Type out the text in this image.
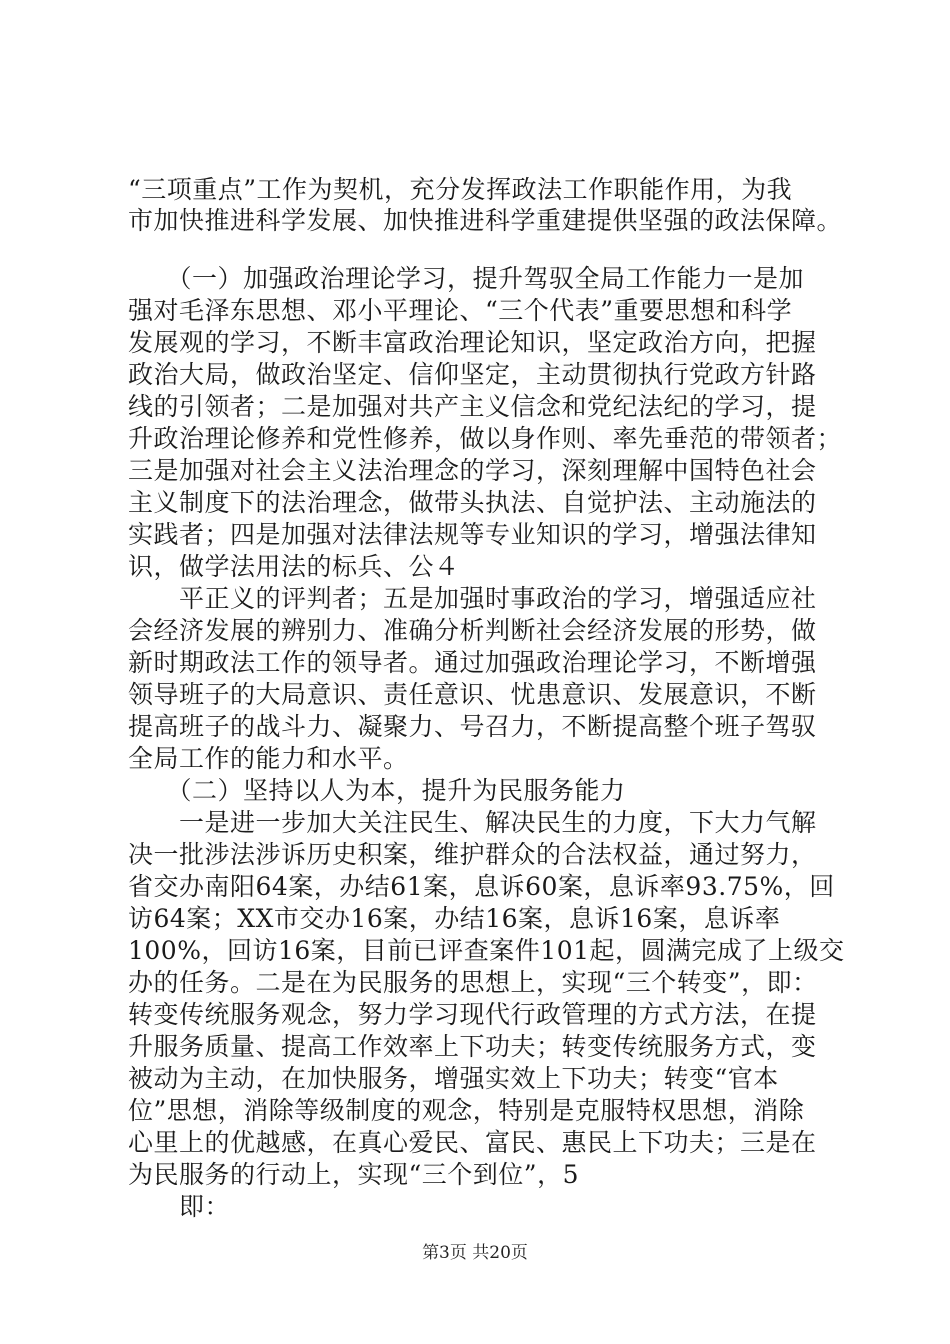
“三项重点”工作为契机，充分发挥政法工作职能作用，为我
市加快推进科学发展、加快推进科学重建提供坚强的政法保障。
　　（一）加强政治理论学习，提升驾驭全局工作能力一是加
强对毛泽东思想、邓小平理论、“三个代表”重要思想和科学
发展观的学习，不断丰富政治理论知识，坚定政治方向，把握
政治大局，做政治坚定、信仰坚定，主动贯彻执行党政方针路
线的引领者；二是加强对共产主义信念和党纪法纪的学习，提
升政治理论修养和党性修养，做以身作则、率先垂范的带领者；
三是加强对社会主义法治理念的学习，深刻理解中国特色社会
主义制度下的法治理念，做带头执法、自觉护法、主动施法的
实践者；四是加强对法律法规等专业知识的学习，增强法律知
识，做学法用法的标兵、公４
　　平正义的评判者；五是加强时事政治的学习，增强适应社
会经济发展的辨别力、准确分析判断社会经济发展的形势，做
新时期政法工作的领导者。通过加强政治理论学习，不断增强
领导班子的大局意识、责任意识、忧患意识、发展意识，不断
提高班子的战斗力、凝聚力、号召力，不断提高整个班子驾驭
全局工作的能力和水平。
　　（二）坚持以人为本，提升为民服务能力
　　一是进一步加大关注民生、解决民生的力度，下大力气解
决一批涉法涉诉历史积案，维护群众的合法权益，通过努力，
省交办南阳64案，办结61案，息诉60案，息诉率93.75%，回
访64案；XX市交办16案，办结16案，息诉16案，息诉率
100%，回访16案，目前已评查案件101起，圆满完成了上级交
办的任务。二是在为民服务的思想上，实现“三个转变”，即：
转变传统服务观念，努力学习现代行政管理的方式方法，在提
升服务质量、提高工作效率上下功夫；转变传统服务方式，变
被动为主动，在加快服务，增强实效上下功夫；转变“官本
位”思想，消除等级制度的观念，特别是克服特权思想，消除
心里上的优越感，在真心爱民、富民、惠民上下功夫；三是在
为民服务的行动上，实现“三个到位”，5
　　即：
第3页 共20页
